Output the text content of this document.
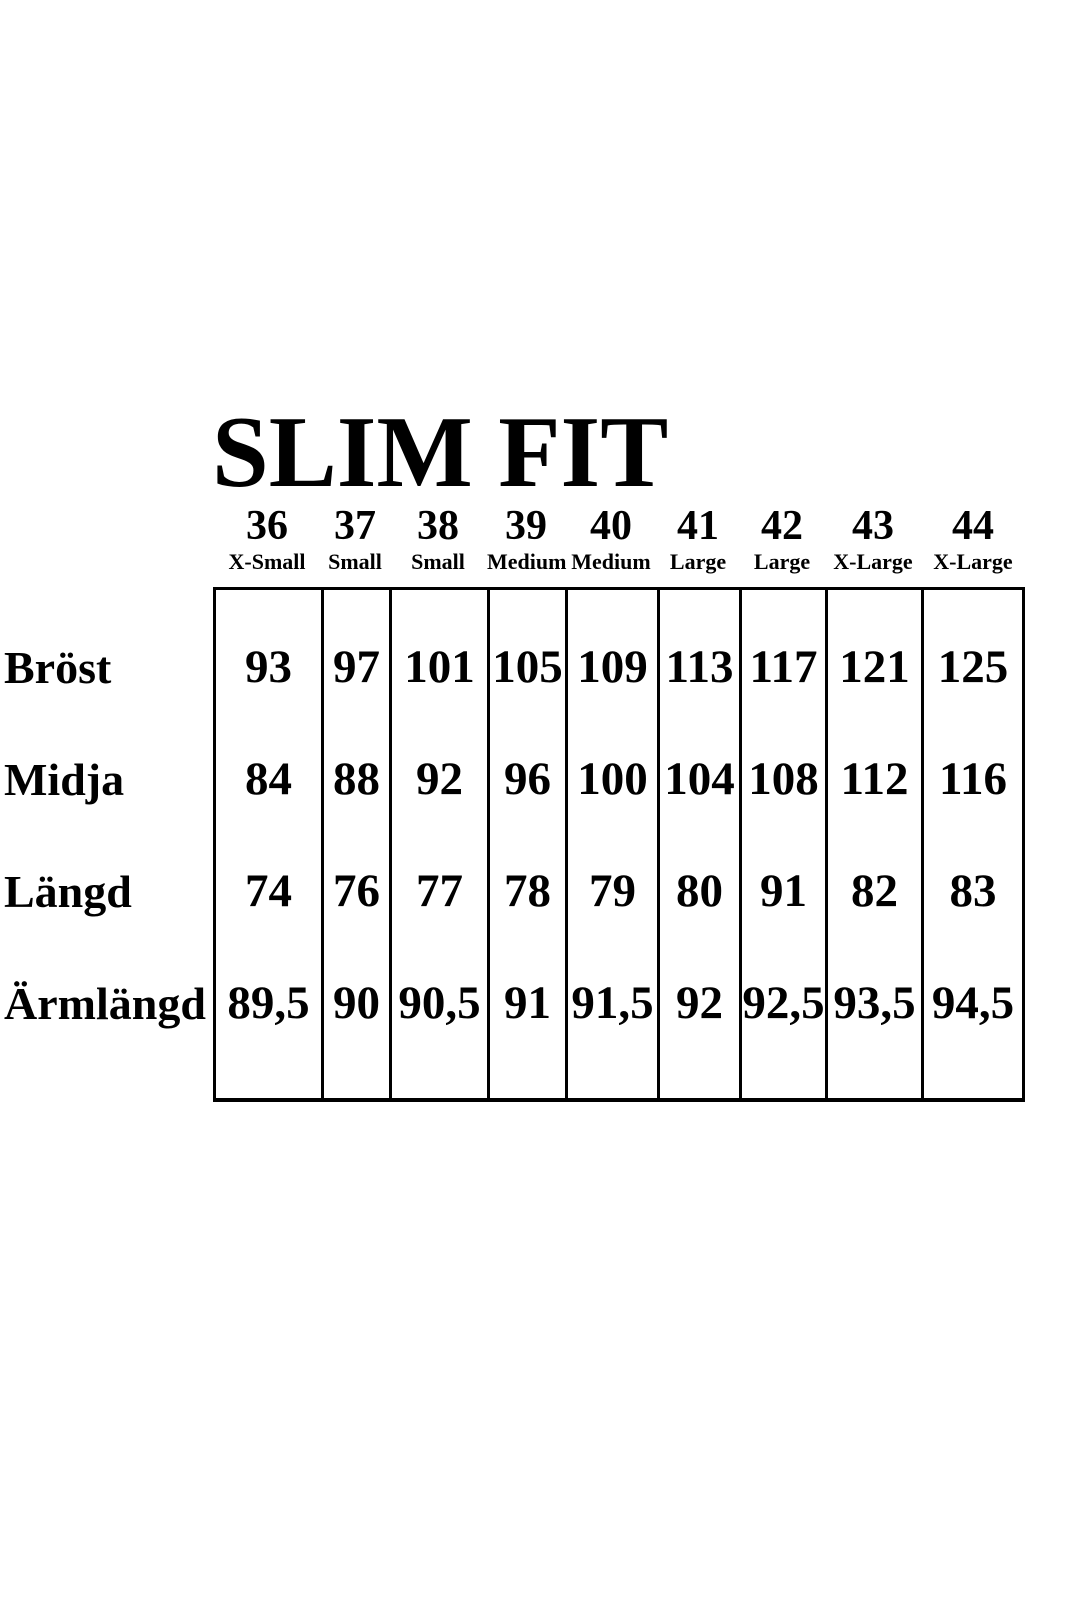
SLIM FIT
36
X-Small
37
Small
38
Small
39
Medium
40
Medium
41
Large
42
Large
43
X-Large
44
X-Large
Bröst
Midja
Längd
Ärmlängd
93
84
74
89,5
97
88
76
90
101
92
77
90,5
105
96
78
91
109
100
79
91,5
113
104
80
92
117
108
91
92,5
121
112
82
93,5
125
116
83
94,5
